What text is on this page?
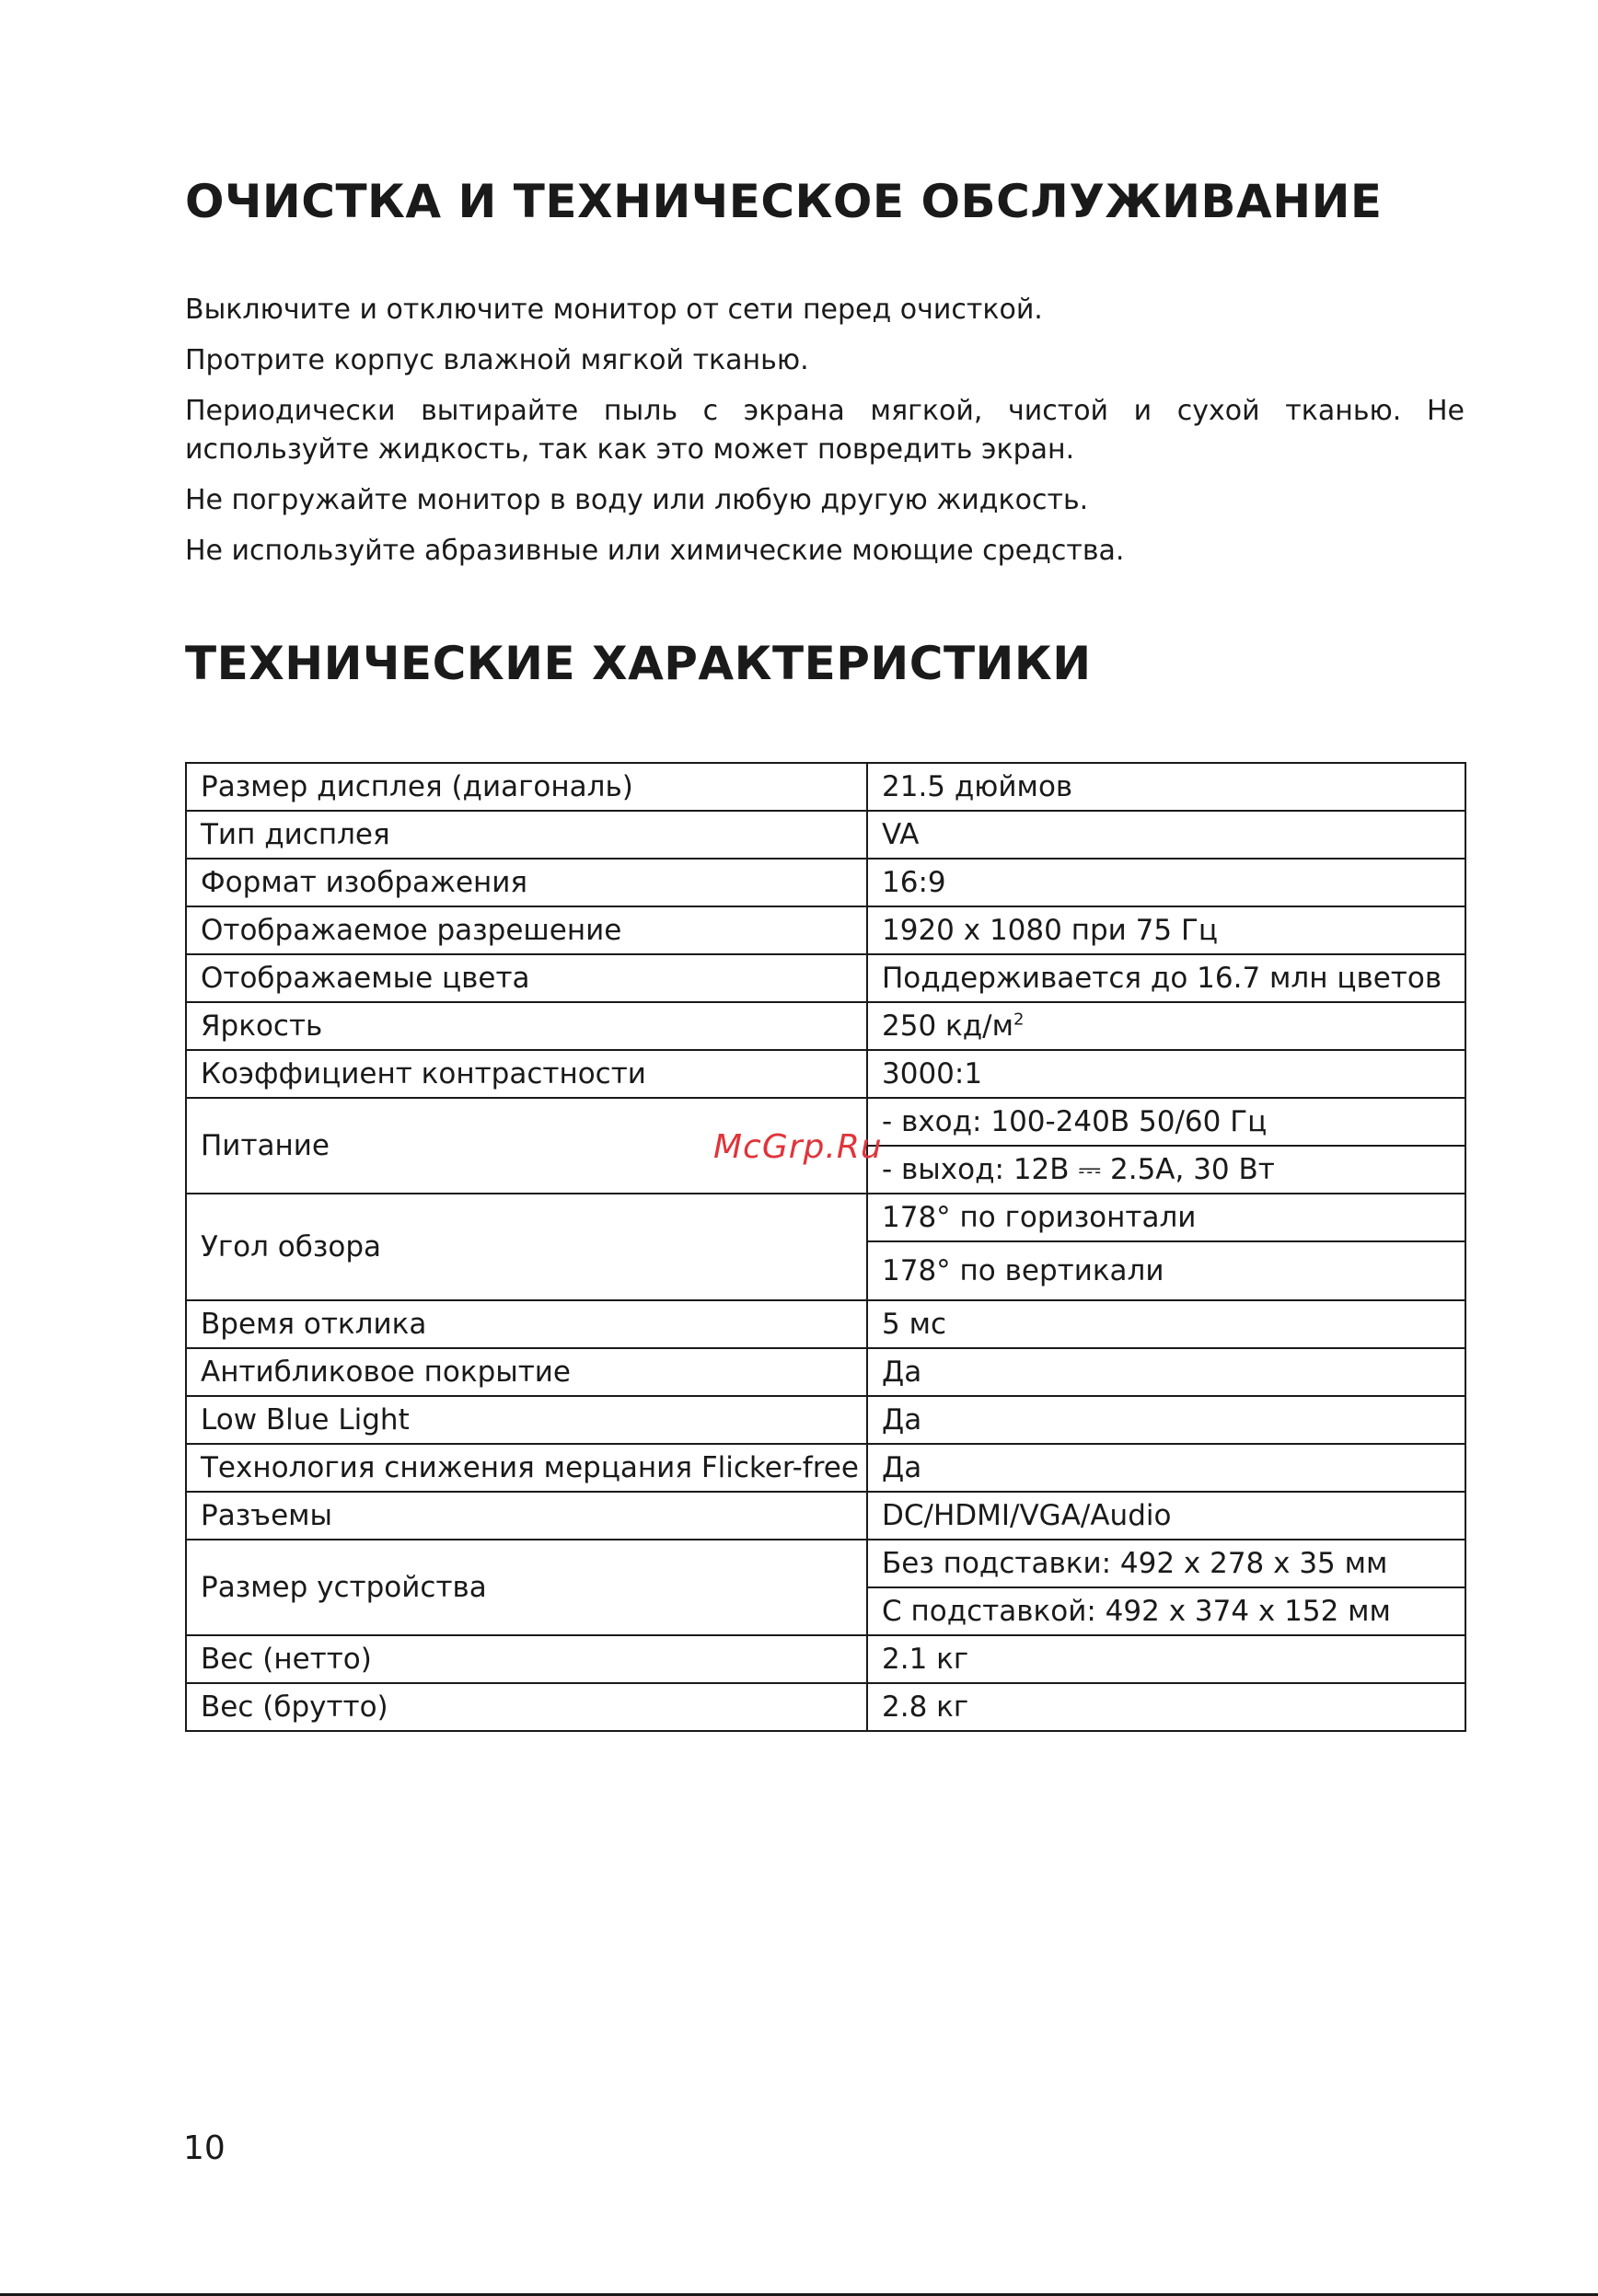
ОЧИСТКА И ТЕХНИЧЕСКОЕ ОБСЛУЖИВАНИЕ

Выключите и отключите монитор от сети перед очисткой.

Протрите корпус влажной мягкой тканью.

Периодически вытирайте пыль с экрана мягкой, чистой и сухой тканью. Не используйте жидкость, так как это может повредить экран.

Не погружайте монитор в воду или любую другую жидкость.

Не используйте абразивные или химические моющие средства.

ТЕХНИЧЕСКИЕ ХАРАКТЕРИСТИКИ
Размер дисплея (диагональ)	21.5 дюймов
Тип дисплея	VA
Формат изображения	16:9
Отображаемое разрешение	1920 x 1080 при 75 Гц
Отображаемые цвета	Поддерживается до 16.7 млн цветов
Яркость	250 $кд/м^2$
Коэффициент контрастности	3000:1
Питание	- вход: 100-240В 50/60 Гц
	- выход: 12В ⎓ 2.5А, 30 Вт
Угол обзора	178° по горизонтали
	178° по вертикали
Время отклика	5 мс
Антибликовое покрытие	Да
Low Blue Light	Да
Технология снижения мерцания Flicker-free	Да
Разъемы	DC/HDMI/VGA/Audio
Размер устройства	Без подставки: 492 x 278 x 35 мм
	С подставкой: 492 x 374 x 152 мм
Вес (нетто)	2.1 кг
Вес (брутто)	2.8 кг
McGrp.Ru
10
